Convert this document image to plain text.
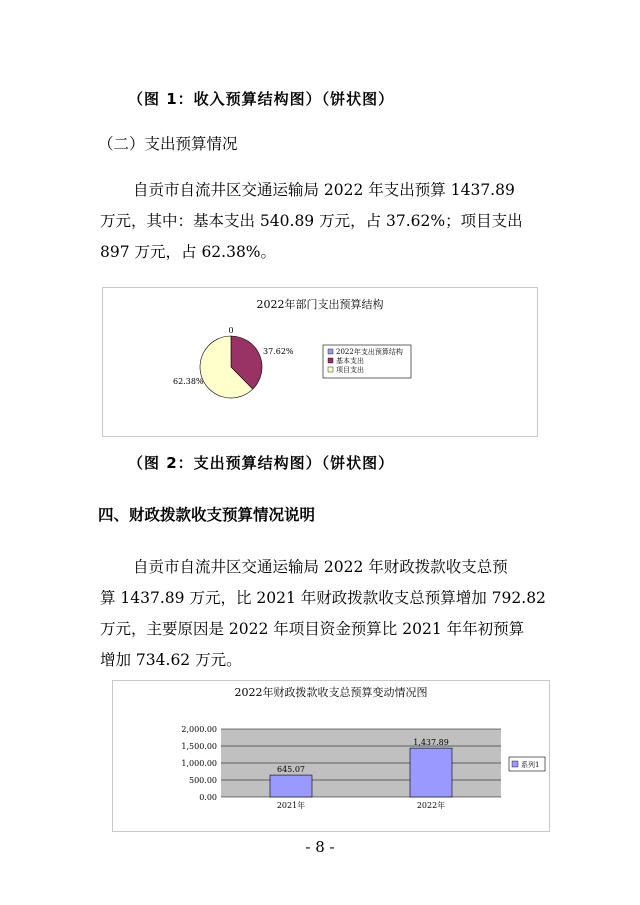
（图 1：收入预算结构图）（饼状图）
（二）支出预算情况
自贡市自流井区交通运输局 2022 年支出预算 1437.89
万元，其中：基本支出 540.89 万元，占 37.62%；项目支出
897 万元，占 62.38%。
2022年部门支出预算结构
0
37.62%
62.38%
2022年支出预算结构
基本支出
项目支出
（图 2：支出预算结构图）（饼状图）
四、财政拨款收支预算情况说明
自贡市自流井区交通运输局 2022 年财政拨款收支总预
算 1437.89 万元，比 2021 年财政拨款收支总预算增加 792.82
万元，主要原因是 2022 年项目资金预算比 2021 年年初预算
增加 734.62 万元。
2022年财政拨款收支总预算变动情况图
2,000.00
1,500.00
1,000.00
500.00
0.00
645.07
1,437.89
2021年	2022年
系列1
- 8 -
